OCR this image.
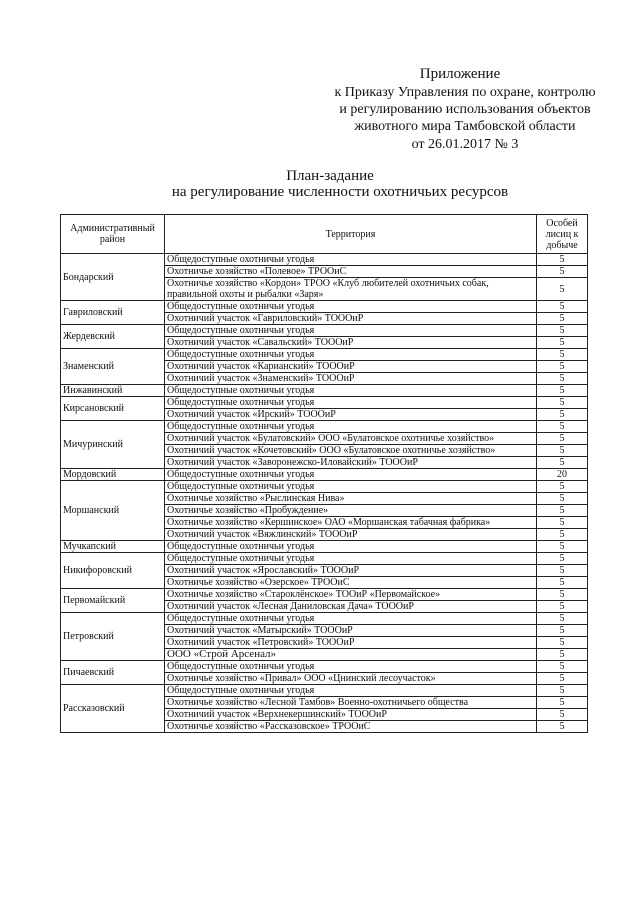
Приложение
к Приказу Управления по охране, контролю
и регулированию использования объектов
животного мира Тамбовской области
от 26.01.2017 № 3
План-задание
на регулирование численности охотничьих ресурсов
Административный район	Территория	Особей лисиц к добыче
Бондарский	Общедоступные охотничьи угодья	5
	Охотничье хозяйство «Полевое» ТРООиС	5
	Охотничье хозяйство «Кордон» ТРОО «Клуб любителей охотничьих собак, правильной охоты и рыбалки «Заря»	5
Гавриловский	Общедоступные охотничьи угодья	5
	Охотничий участок «Гавриловский» ТОООиР	5
Жердевский	Общедоступные охотничьи угодья	5
	Охотничий участок «Савальский» ТОООиР	5
Знаменский	Общедоступные охотничьи угодья	5
	Охотничий участок «Карианский» ТОООиР	5
	Охотничий участок «Знаменский» ТОООиР	5
Инжавинский	Общедоступные охотничьи угодья	5
Кирсановский	Общедоступные охотничьи угодья	5
	Охотничий участок «Ирский» ТОООиР	5
Мичуринский	Общедоступные охотничьи угодья	5
	Охотничий участок «Булатовский» ООО «Булатовское охотничье хозяйство»	5
	Охотничий участок «Кочетовский» ООО «Булатовское охотничье хозяйство»	5
	Охотничий участок «Заворонежско-Иловайский» ТОООиР	5
Мордовский	Общедоступные охотничьи угодья	20
Моршанский	Общедоступные охотничьи угодья	5
	Охотничье хозяйство «Рыслинская Нива»	5
	Охотничье хозяйство «Пробуждение»	5
	Охотничье хозяйство «Кершинское» ОАО «Моршанская табачная фабрика»	5
	Охотничий участок «Вяжлинский» ТОООиР	5
Мучкапский	Общедоступные охотничьи угодья	5
Никифоровский	Общедоступные охотничьи угодья	5
	Охотничий участок «Ярославский» ТОООиР	5
	Охотничье хозяйство «Озерское» ТРООиС	5
Первомайский	Охотничье хозяйство «Староклёнское» ТООиР «Первомайское»	5
	Охотничий участок «Лесная Даниловская Дача» ТОООиР	5
Петровский	Общедоступные охотничьи угодья	5
	Охотничий участок «Матырский» ТОООиР	5
	Охотничий участок «Петровский» ТОООиР	5
	ООО «Строй Арсенал»	5
Пичаевский	Общедоступные охотничьи угодья	5
	Охотничье хозяйство «Привал» ООО «Цнинский лесоучасток»	5
Рассказовский	Общедоступные охотничьи угодья	5
	Охотничье хозяйство «Лесной Тамбов» Военно-охотничьего общества	5
	Охотничий участок «Верхнекершинский» ТОООиР	5
	Охотничье хозяйство «Рассказовское» ТРООиС	5
